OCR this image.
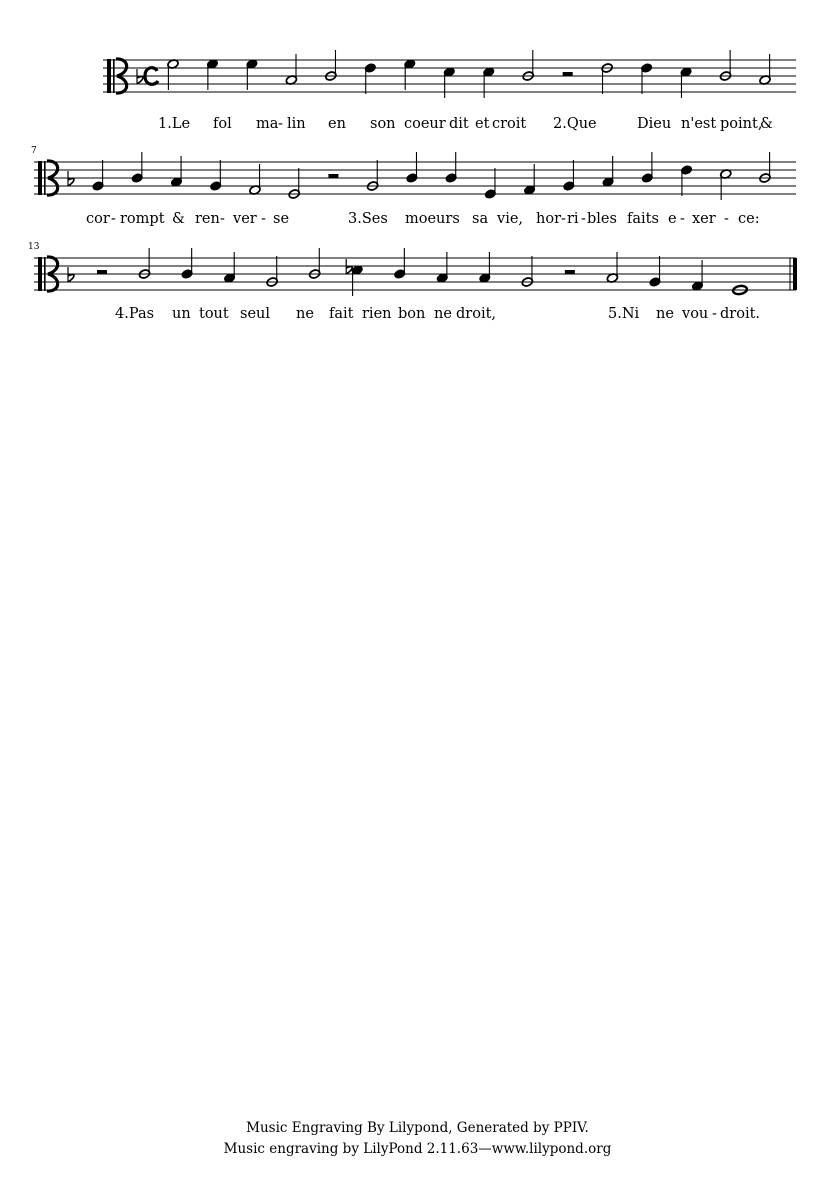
7
13
1.Le fol ma - lin en son coeur dit et croit 2.Que	Dieu n'est point,
&
cor - rompt & ren - ver - se	3.Ses moeurs sa vie, hor - ri - bles faits e - xer - ce:
4.Pas un tout seul ne fait rien bon ne droit,	5.Ni ne vou - droit.
Music Engraving By Lilypond, Generated by PPIV.
Music engraving by LilyPond 2.11.63—www.lilypond.org
